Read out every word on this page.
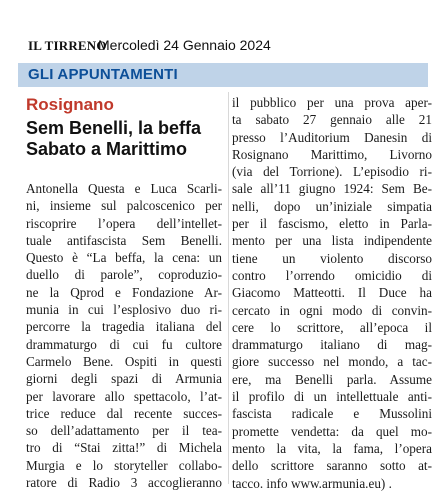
IL TIRRENO
Mercoledì 24 Gennaio 2024
GLI APPUNTAMENTI
Rosignano
Sem Benelli, la beffa
Sabato a Marittimo
Antonella Questa e Luca Scarli-
ni, insieme sul palcoscenico per
riscoprire l’opera dell’intellet-
tuale antifascista Sem Benelli.
Questo è “La beffa, la cena: un
duello di parole”, coproduzio-
ne la Qprod e Fondazione Ar-
munia in cui l’esplosivo duo ri-
percorre la tragedia italiana del
drammaturgo di cui fu cultore
Carmelo Bene. Ospiti in questi
giorni degli spazi di Armunia
per lavorare allo spettacolo, l’at-
trice reduce dal recente succes-
so dell’adattamento per il tea-
tro di “Stai zitta!” di Michela
Murgia e lo storyteller collabo-
ratore di Radio 3 accoglieranno
il pubblico per una prova aper-
ta sabato 27 gennaio alle 21
presso l’Auditorium Danesin di
Rosignano Marittimo, Livorno
(via del Torrione). L’episodio ri-
sale all’11 giugno 1924: Sem Be-
nelli, dopo un’iniziale simpatia
per il fascismo, eletto in Parla-
mento per una lista indipendente
tiene un violento discorso
contro l’orrendo omicidio di
Giacomo Matteotti. Il Duce ha
cercato in ogni modo di convin-
cere lo scrittore, all’epoca il
drammaturgo italiano di mag-
giore successo nel mondo, a tac-
ere, ma Benelli parla. Assume
il profilo di un intellettuale anti-
fascista radicale e Mussolini
promette vendetta: da quel mo-
mento la vita, la fama, l’opera
dello scrittore saranno sotto at-
tacco. info www.armunia.eu) .
